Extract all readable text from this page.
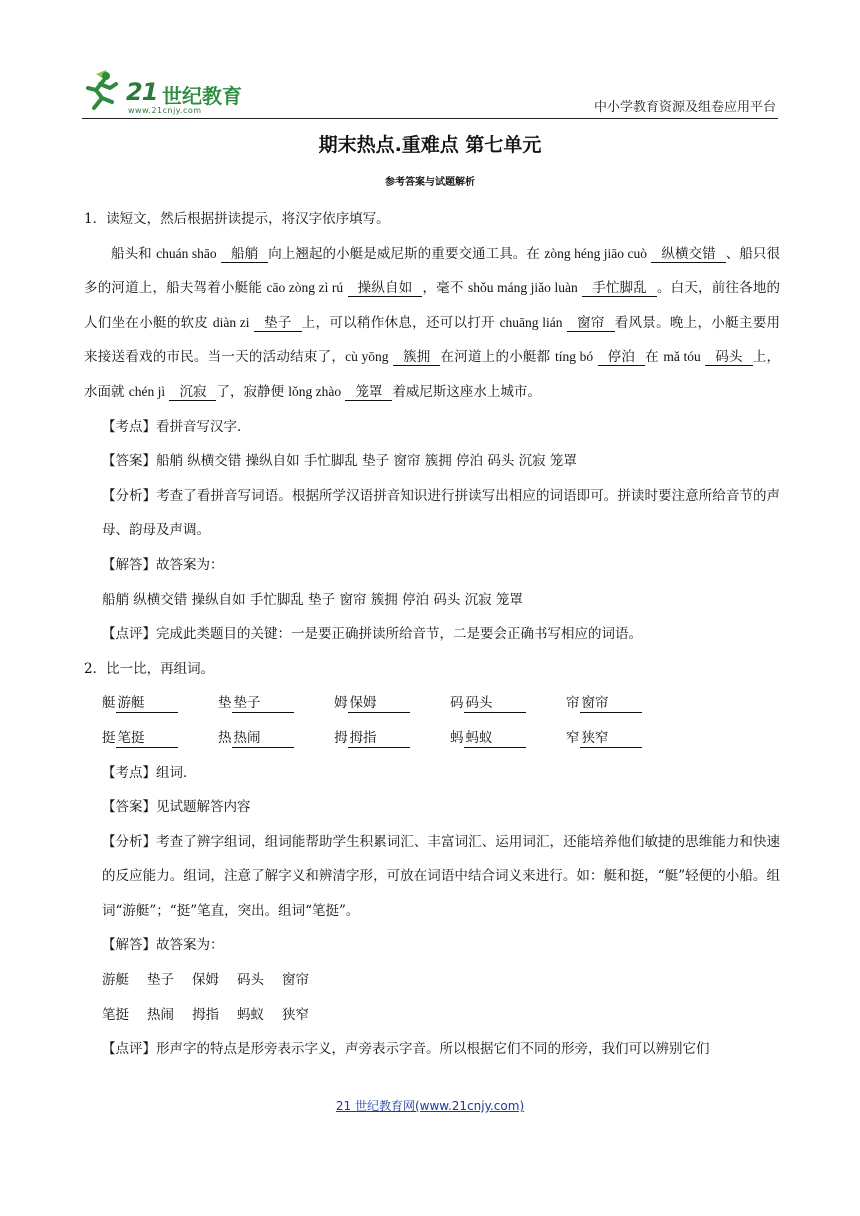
21 世纪教育
www.21cnjy.com	中小学教育资源及组卷应用平台
期末热点.重难点 第七单元
参考答案与试题解析

1．读短文，然后根据拼读提示，将汉字依序填写。

船头和 chuán shāo 船艄 向上翘起的小艇是威尼斯的重要交通工具。在 zòng héng jiāo cuò 纵横交错 、船只很多的河道上，船夫驾着小艇能 cāo zòng zì rú 操纵自如 ，毫不 shǒu máng jiǎo luàn 手忙脚乱 。白天，前往各地的人们坐在小艇的软皮 diàn zi 垫子 上，可以稍作休息，还可以打开 chuāng lián 窗帘 看风景。晚上，小艇主要用来接送看戏的市民。当一天的活动结束了，cù yōng 簇拥 在河道上的小艇都 tíng bó 停泊 在 mǎ tóu 码头 上，水面就 chén jì 沉寂 了，寂静便 lǒng zhào 笼罩 着威尼斯这座水上城市。

【考点】看拼音写汉字．

【答案】船艄 纵横交错 操纵自如 手忙脚乱 垫子 窗帘 簇拥 停泊 码头 沉寂 笼罩

【分析】考查了看拼音写词语。根据所学汉语拼音知识进行拼读写出相应的词语即可。拼读时要注意所给音节的声母、韵母及声调。

【解答】故答案为：

船艄 纵横交错 操纵自如 手忙脚乱 垫子 窗帘 簇拥 停泊 码头 沉寂 笼罩

【点评】完成此类题目的关键：一是要正确拼读所给音节，二是要会正确书写相应的词语。

2．比一比，再组词。

艇 游艇	垫 垫子	姆 保姆	码 码头	帘 窗帘
挺 笔挺	热 热闹	拇 拇指	蚂 蚂蚁	窄 狭窄

【考点】组词．

【答案】见试题解答内容

【分析】考查了辨字组词，组词能帮助学生积累词汇、丰富词汇、运用词汇，还能培养他们敏捷的思维能力和快速的反应能力。组词，注意了解字义和辨清字形，可放在词语中结合词义来进行。如：艇和挺，“艇”轻便的小船。组词“游艇”；“挺”笔直，突出。组词“笔挺”。

【解答】故答案为：

游艇 垫子 保姆 码头 窗帘

笔挺 热闹 拇指 蚂蚁 狭窄

【点评】形声字的特点是形旁表示字义，声旁表示字音。所以根据它们不同的形旁，我们可以辨别它们

21 世纪教育网(www.21cnjy.com)
